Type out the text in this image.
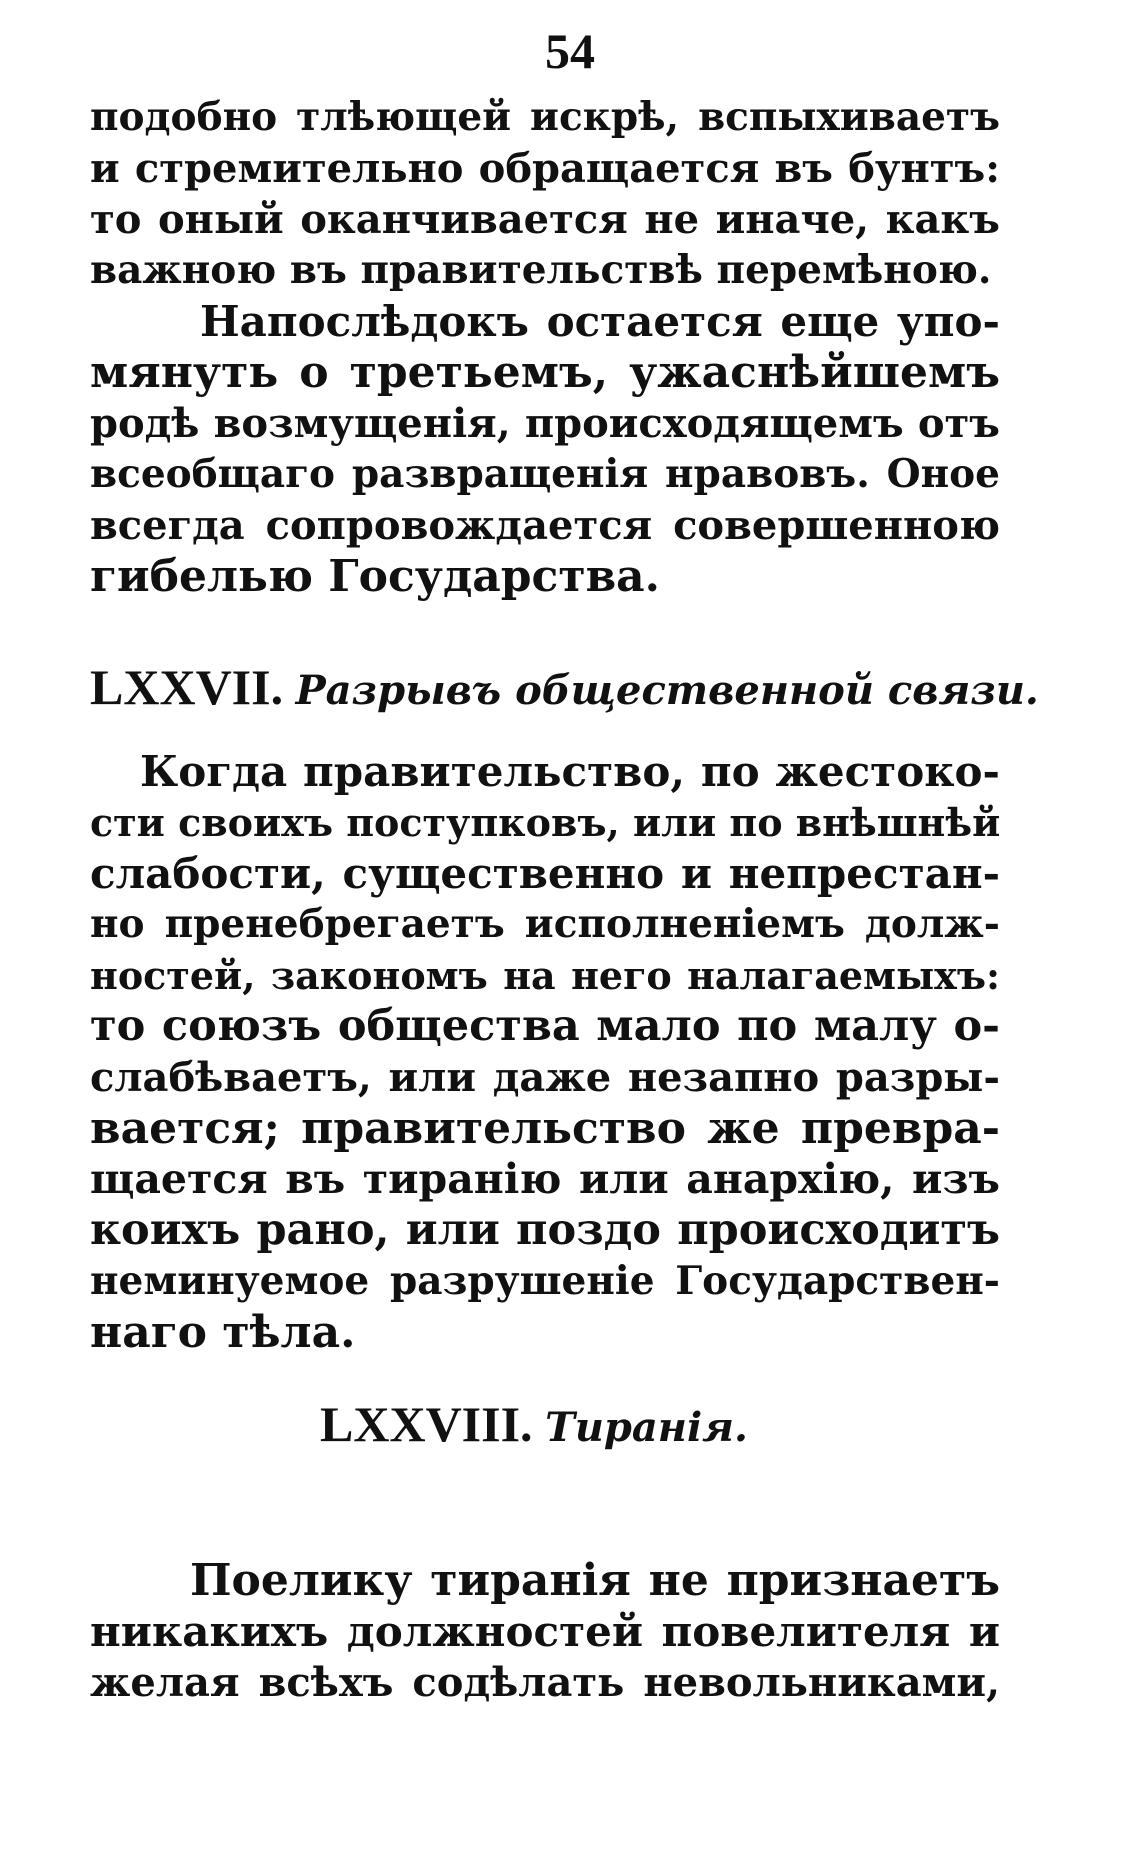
54
подобно тлѣющей искрѣ, вспыхиваетъ
и стремительно обращается въ бунтъ:
то оный оканчивается не иначе, какъ
важною въ правительствѣ перемѣною.
Напослѣдокъ остается еще упо-
мянуть о третьемъ, ужаснѣйшемъ
родѣ возмущенія, происходящемъ отъ
всеобщаго развращенія нравовъ. Оное
всегда сопровождается совершенною
гибелью Государства.
LXXVII. Разрывъ общественной связи.
Когда правительство, по жестоко-
сти своихъ поступковъ, или по внѣшнѣй
слабости, существенно и непрестан-
но пренебрегаетъ исполненіемъ долж-
ностей, закономъ на него налагаемыхъ:
то союзъ общества мало по малу о-
слабѣваетъ, или даже незапно разры-
вается; правительство же превра-
щается въ тиранію или анархію, изъ
коихъ рано, или поздо происходитъ
неминуемое разрушеніе Государствен-
наго тѣла.
LXXVIII. Тиранія.
Поелику тиранія не признаетъ
никакихъ должностей повелителя и
желая всѣхъ содѣлать невольниками,
